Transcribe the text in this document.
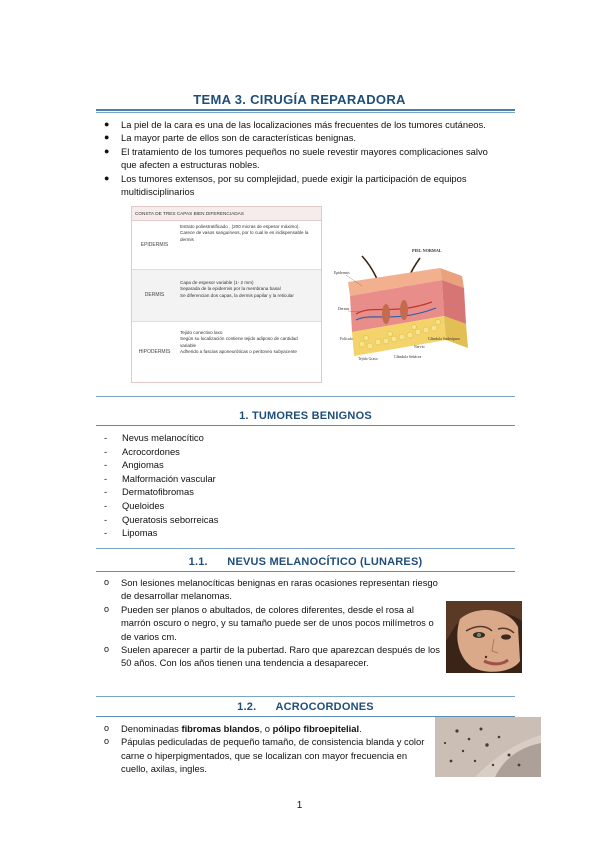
TEMA 3. CIRUGÍA REPARADORA
● La piel de la cara es una de las localizaciones más frecuentes de los tumores cutáneos.
● La mayor parte de ellos son de características benignas.
● El tratamiento de los tumores pequeños no suele revestir mayores complicaciones salvo que afecten a estructuras nobles.
● Los tumores extensos, por su complejidad, puede exigir la participación de equipos multidisciplinarios
CONSTA DE TRES CAPAS BIEN DIFERENCIADAS
EPIDERMIS
Estrato poliestratificado , (200 micras de espesor máximo).
Carece de vasos sanguíneos, por lo cual le es indispensable la
dermis
DERMIS
Capa de espesor variable (1- 2 mm)
Separada de la epidermis por la membrana basal
Se diferencian dos capas, la dermis papilar y la reticular
HIPODERMIS
Tejido conectivo laxo
Según su localización contiene tejido adiposo de cantidad
variable
Adherido a fascias aponeuróticas o peritoneo subyacente
PIEL NORMAL
Epidermis
Dermis
Folículo
Tejido Graso
Nervio
Glándula Sudorípara
Glándula Sebácea
1. TUMORES BENIGNOS
- Nevus melanocítico
- Acrocordones
- Angiomas
- Malformación vascular
- Dermatofibromas
- Queloides
- Queratosis seborreicas
- Lipomas
1.1.      NEVUS MELANOCÍTICO (LUNARES)
o Son lesiones melanocíticas benignas en raras ocasiones representan riesgo de desarrollar melanomas.
o Pueden ser planos o abultados, de colores diferentes, desde el rosa al marrón oscuro o negro, y su tamaño puede ser de unos pocos milímetros o de varios cm.
o Suelen aparecer a partir de la pubertad. Raro que aparezcan después de los 50 años. Con los años tienen una tendencia a desaparecer.
1.2.      ACROCORDONES
o Denominadas fibromas blandos, o pólipo fibroepitelial.
o Pápulas pediculadas de pequeño tamaño, de consistencia blanda y color carne o hiperpigmentados, que se localizan con mayor frecuencia en cuello, axilas, ingles.
1
